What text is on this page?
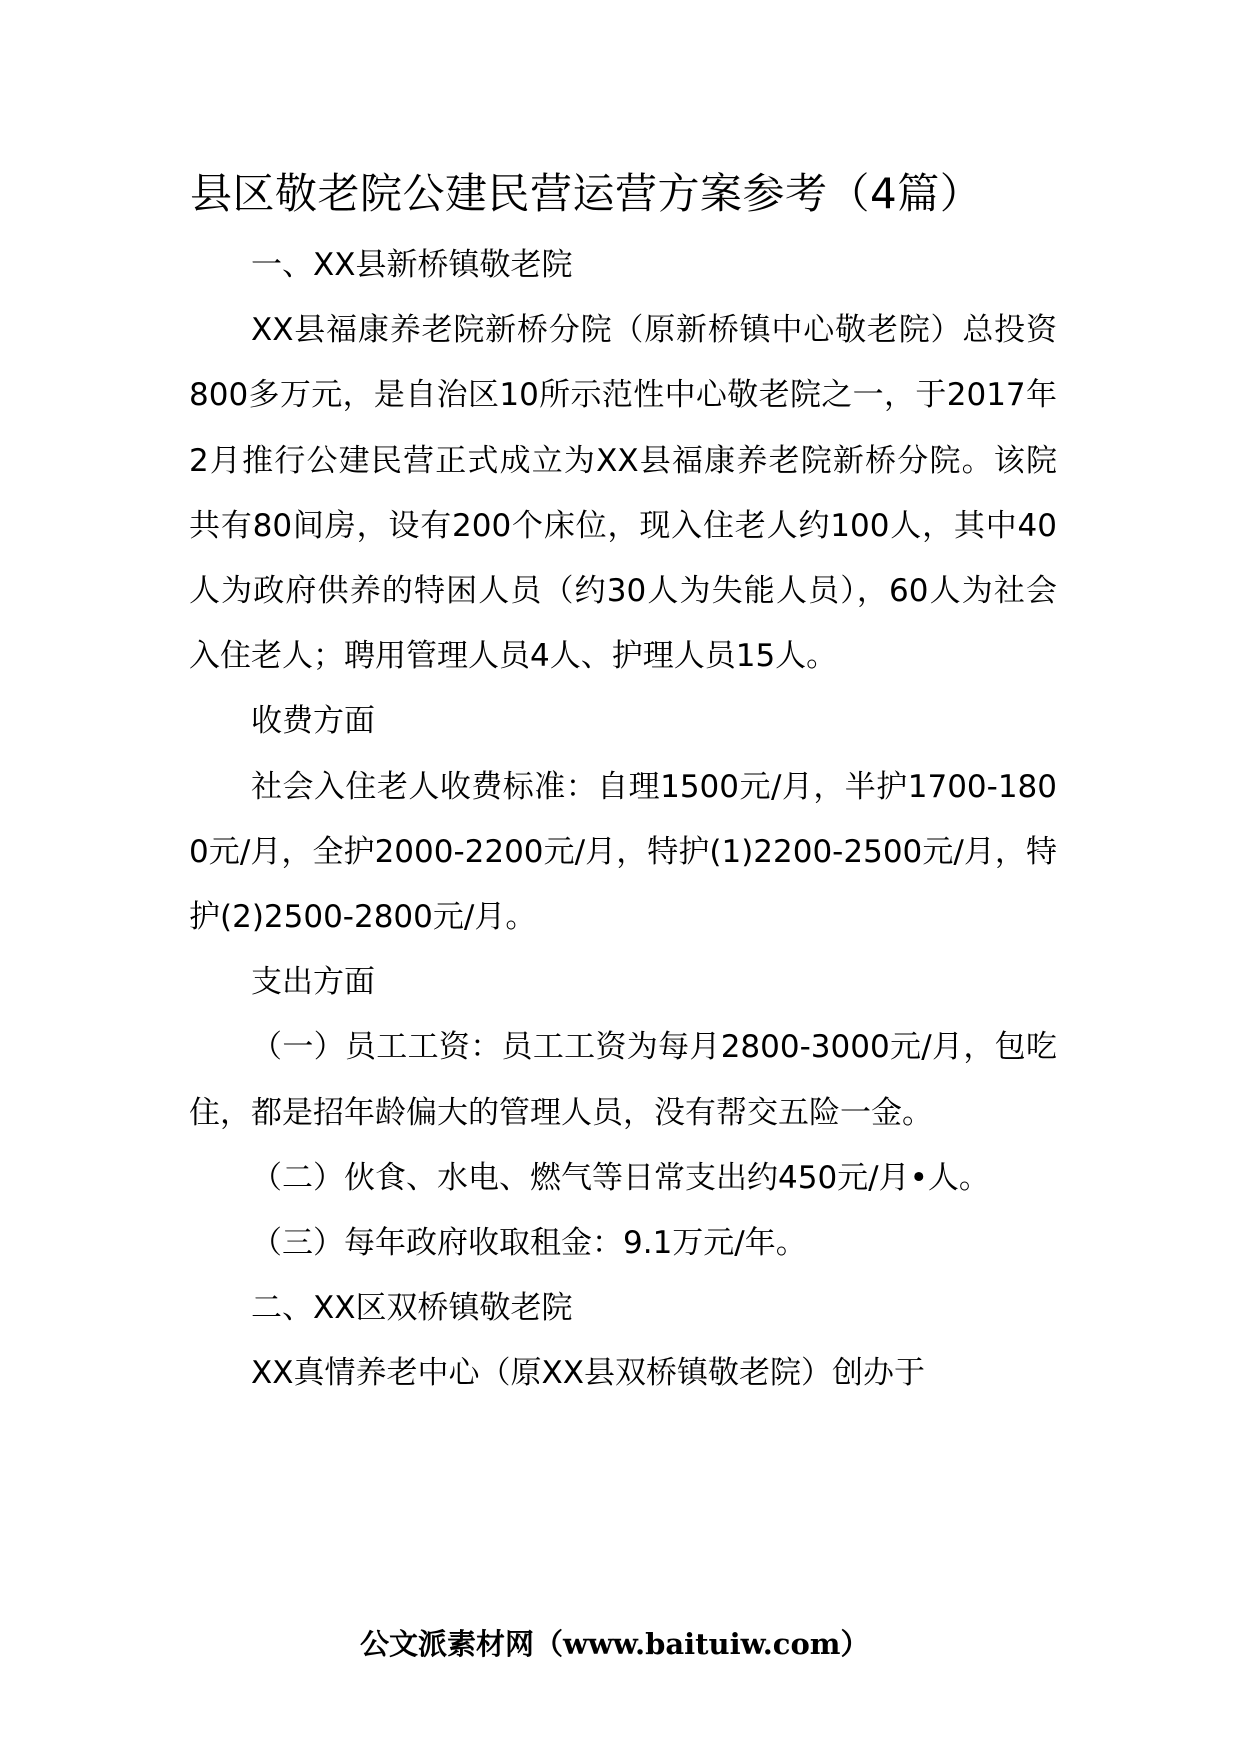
县区敬老院公建民营运营方案参考（4篇）

一、XX县新桥镇敬老院

XX县福康养老院新桥分院（原新桥镇中心敬老院）总投资800多万元，是自治区10所示范性中心敬老院之一，于2017年2月推行公建民营正式成立为XX县福康养老院新桥分院。该院共有80间房，设有200个床位，现入住老人约100人，其中40人为政府供养的特困人员（约30人为失能人员），60人为社会入住老人；聘用管理人员4人、护理人员15人。

收费方面

社会入住老人收费标准：自理1500元/月，半护1700-1800元/月，全护2000-2200元/月，特护(1)2200-2500元/月，特护(2)2500-2800元/月。

支出方面

（一）员工工资：员工工资为每月2800-3000元/月，包吃住，都是招年龄偏大的管理人员，没有帮交五险一金。

（二）伙食、水电、燃气等日常支出约450元/月•人。

（三）每年政府收取租金：9.1万元/年。

二、XX区双桥镇敬老院

XX真情养老中心（原XX县双桥镇敬老院）创办于

公文派素材网（www.baituiw.com）
